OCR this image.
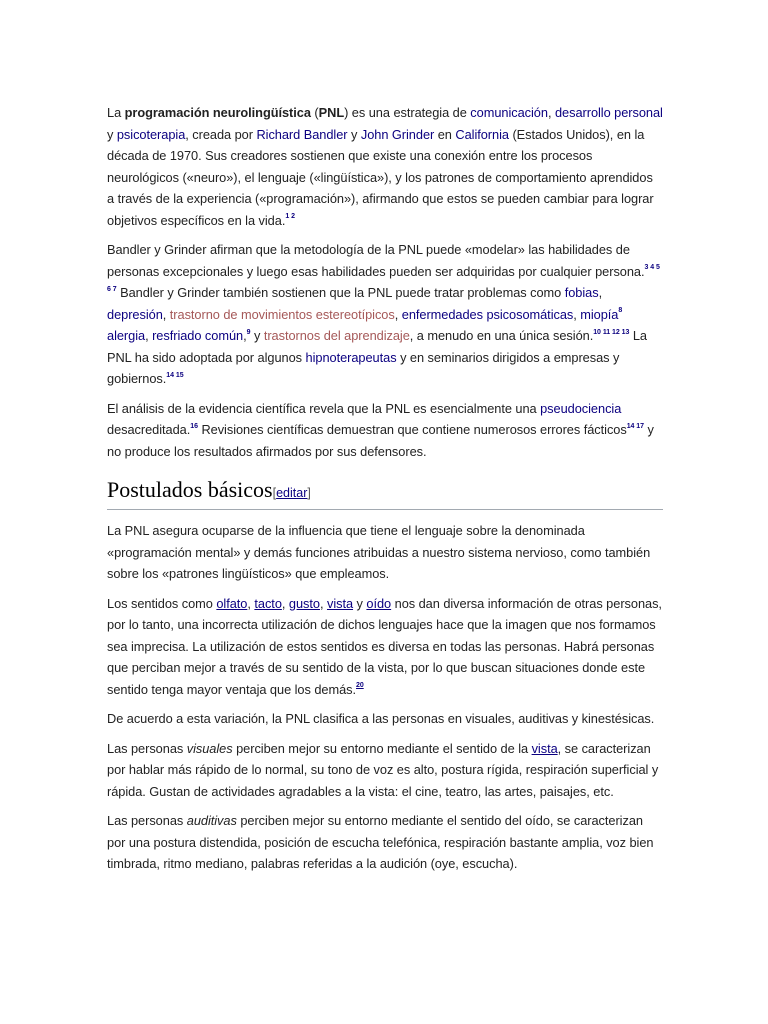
La programación neurolingüística (PNL) es una estrategia de comunicación, desarrollo personal y psicoterapia, creada por Richard Bandler y John Grinder en California (Estados Unidos), en la década de 1970. Sus creadores sostienen que existe una conexión entre los procesos neurológicos («neuro»), el lenguaje («lingüística»), y los patrones de comportamiento aprendidos a través de la experiencia («programación»), afirmando que estos se pueden cambiar para lograr objetivos específicos en la vida.$^{1 2}$

Bandler y Grinder afirman que la metodología de la PNL puede «modelar» las habilidades de personas excepcionales y luego esas habilidades pueden ser adquiridas por cualquier persona.$^{3 4 5 6 7}$ Bandler y Grinder también sostienen que la PNL puede tratar problemas como fobias, depresión, trastorno de movimientos estereotípicos, enfermedades psicosomáticas, miopía$^8$ alergia, resfriado común,$^9$ y trastornos del aprendizaje, a menudo en una única sesión.$^{10 11 12 13}$ La PNL ha sido adoptada por algunos hipnoterapeutas y en seminarios dirigidos a empresas y gobiernos.$^{14 15}$

El análisis de la evidencia científica revela que la PNL es esencialmente una pseudociencia desacreditada.$^{16}$ Revisiones científicas demuestran que contiene numerosos errores fácticos$^{14 17}$ y no produce los resultados afirmados por sus defensores.

Postulados básicos[editar]

La PNL asegura ocuparse de la influencia que tiene el lenguaje sobre la denominada «programación mental» y demás funciones atribuidas a nuestro sistema nervioso, como también sobre los «patrones lingüísticos» que empleamos.

Los sentidos como olfato, tacto, gusto, vista y oído nos dan diversa información de otras personas, por lo tanto, una incorrecta utilización de dichos lenguajes hace que la imagen que nos formamos sea imprecisa. La utilización de estos sentidos es diversa en todas las personas. Habrá personas que perciban mejor a través de su sentido de la vista, por lo que buscan situaciones donde este sentido tenga mayor ventaja que los demás.$^{20}$

De acuerdo a esta variación, la PNL clasifica a las personas en visuales, auditivas y kinestésicas.

Las personas visuales perciben mejor su entorno mediante el sentido de la vista, se caracterizan por hablar más rápido de lo normal, su tono de voz es alto, postura rígida, respiración superficial y rápida. Gustan de actividades agradables a la vista: el cine, teatro, las artes, paisajes, etc.

Las personas auditivas perciben mejor su entorno mediante el sentido del oído, se caracterizan por una postura distendida, posición de escucha telefónica, respiración bastante amplia, voz bien timbrada, ritmo mediano, palabras referidas a la audición (oye, escucha).
